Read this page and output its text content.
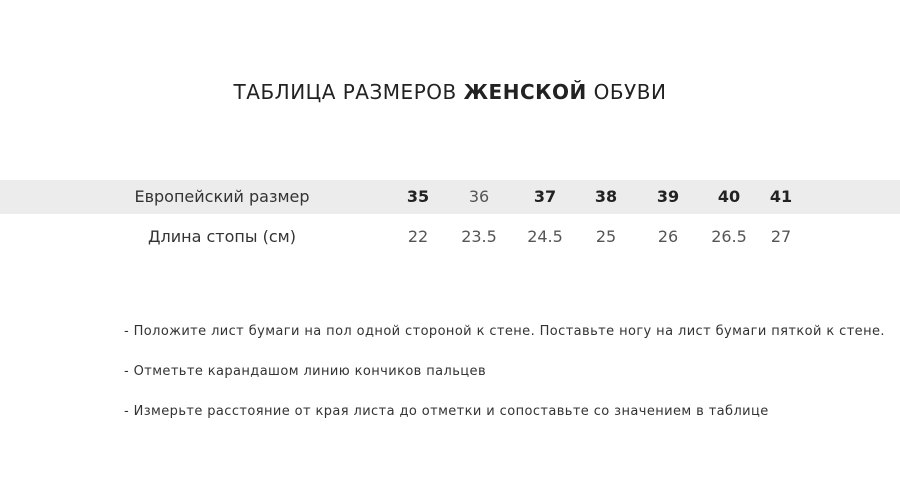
ТАБЛИЦА РАЗМЕРОВ ЖЕНСКОЙ ОБУВИ
Европейский размер	35	36	37	38	39	40	41
Длина стопы (см)	22	23.5	24.5	25	26	26.5	27
- Положите лист бумаги на пол одной стороной к стене. Поставьте ногу на лист бумаги пяткой к стене.
- Отметьте карандашом линию кончиков пальцев
- Измерьте расстояние от края листа до отметки и сопоставьте со значением в таблице
